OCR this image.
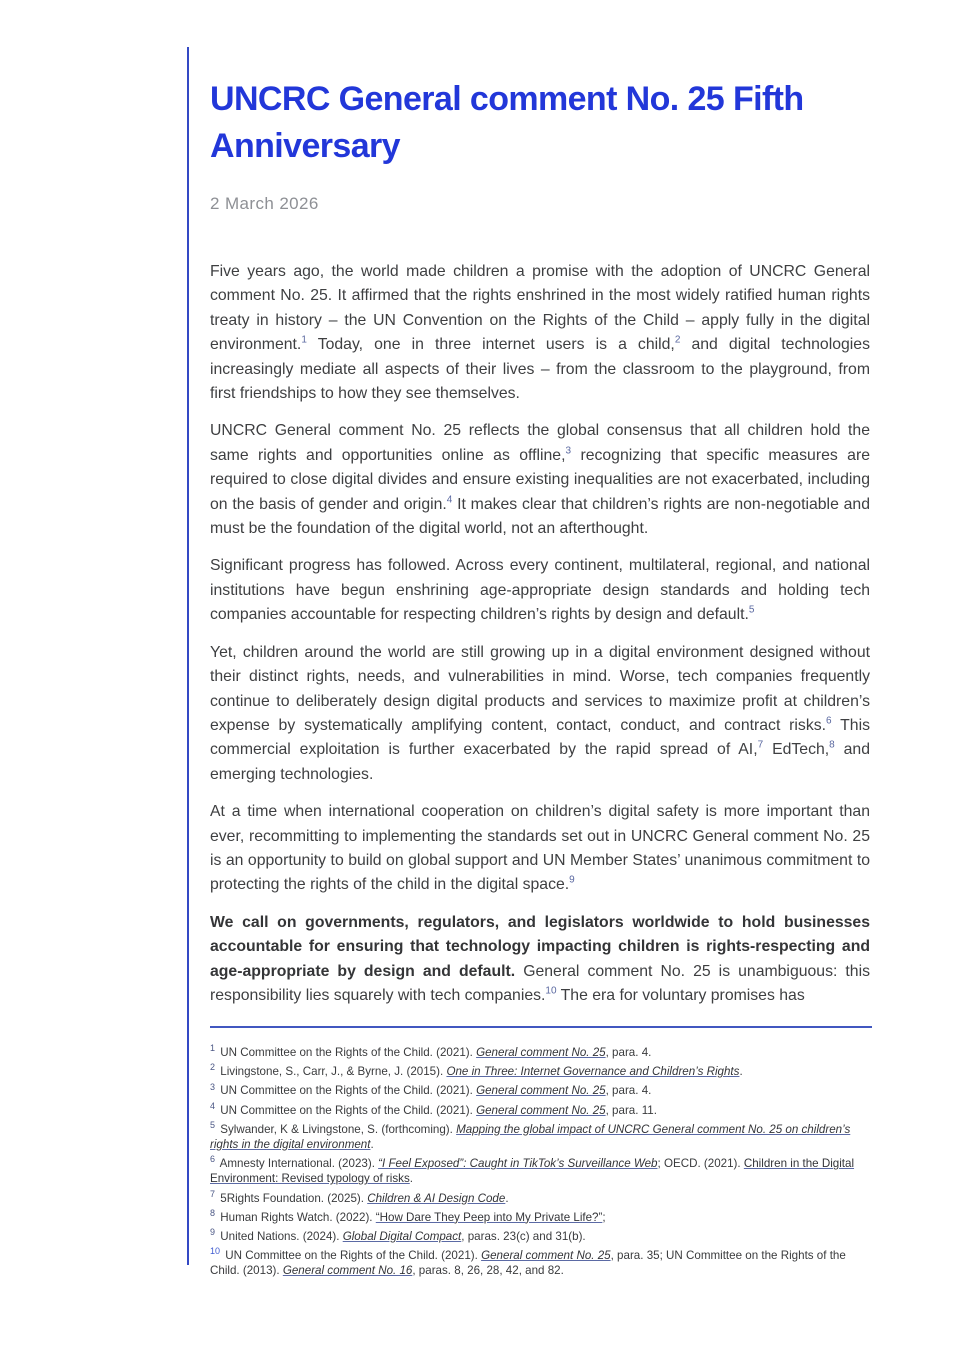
UNCRC General comment No. 25 Fifth Anniversary
2 March 2026

Five years ago, the world made children a promise with the adoption of UNCRC General comment No. 25. It affirmed that the rights enshrined in the most widely ratified human rights treaty in history – the UN Convention on the Rights of the Child – apply fully in the digital environment.$^1$ Today, one in three internet users is a child,$^2$ and digital technologies increasingly mediate all aspects of their lives – from the classroom to the playground, from first friendships to how they see themselves.

UNCRC General comment No. 25 reflects the global consensus that all children hold the same rights and opportunities online as offline,$^3$ recognizing that specific measures are required to close digital divides and ensure existing inequalities are not exacerbated, including on the basis of gender and origin.$^4$ It makes clear that children’s rights are non-negotiable and must be the foundation of the digital world, not an afterthought.

Significant progress has followed. Across every continent, multilateral, regional, and national institutions have begun enshrining age-appropriate design standards and holding tech companies accountable for respecting children’s rights by design and default.$^5$

Yet, children around the world are still growing up in a digital environment designed without their distinct rights, needs, and vulnerabilities in mind. Worse, tech companies frequently continue to deliberately design digital products and services to maximize profit at children’s expense by systematically amplifying content, contact, conduct, and contract risks.$^6$ This commercial exploitation is further exacerbated by the rapid spread of AI,$^7$ EdTech,$^8$ and emerging technologies.

At a time when international cooperation on children’s digital safety is more important than ever, recommitting to implementing the standards set out in UNCRC General comment No. 25 is an opportunity to build on global support and UN Member States’ unanimous commitment to protecting the rights of the child in the digital space.$^9$

We call on governments, regulators, and legislators worldwide to hold businesses accountable for ensuring that technology impacting children is rights-respecting and age-appropriate by design and default. General comment No. 25 is unambiguous: this responsibility lies squarely with tech companies.$^{10}$ The era for voluntary promises has

$^1$ UN Committee on the Rights of the Child. (2021). General comment No. 25, para. 4.
$^2$ Livingstone, S., Carr, J., & Byrne, J. (2015). One in Three: Internet Governance and Children’s Rights.
$^3$ UN Committee on the Rights of the Child. (2021). General comment No. 25, para. 4.
$^4$ UN Committee on the Rights of the Child. (2021). General comment No. 25, para. 11.
$^5$ Sylwander, K & Livingstone, S. (forthcoming). Mapping the global impact of UNCRC General comment No. 25 on children’s rights in the digital environment.
$^6$ Amnesty International. (2023). “I Feel Exposed”: Caught in TikTok’s Surveillance Web; OECD. (2021). Children in the Digital Environment: Revised typology of risks.
$^7$ 5Rights Foundation. (2025). Children & AI Design Code.
$^8$ Human Rights Watch. (2022). “How Dare They Peep into My Private Life?”;
$^9$ United Nations. (2024). Global Digital Compact, paras. 23(c) and 31(b).
$^{10}$ UN Committee on the Rights of the Child. (2021). General comment No. 25, para. 35; UN Committee on the Rights of the Child. (2013). General comment No. 16, paras. 8, 26, 28, 42, and 82.
